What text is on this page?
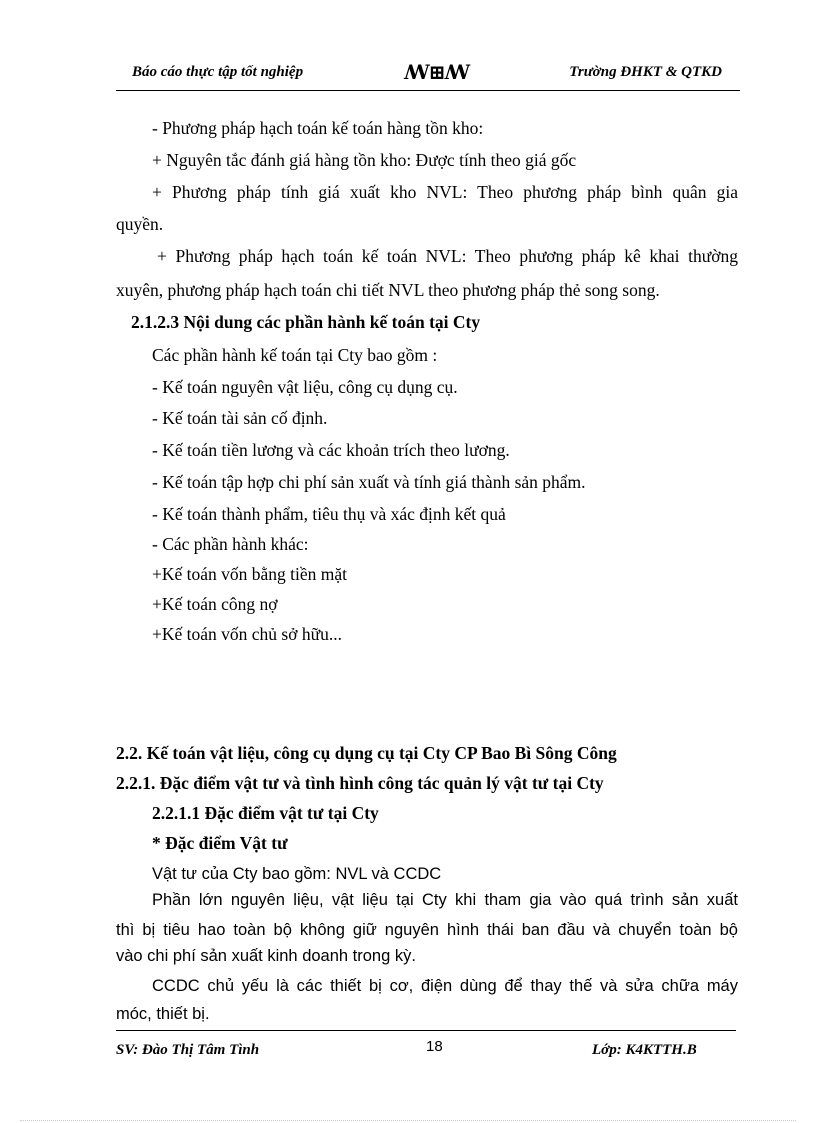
Báo cáo thực tập tốt nghiệp	ꟿ⊞ꟿ	Trường ĐHKT & QTKD
- Phương pháp hạch toán kế toán hàng tồn kho:
+ Nguyên tắc đánh giá hàng tồn kho: Được tính theo giá gốc
+ Phương pháp tính giá xuất kho NVL: Theo phương pháp bình quân gia
quyền.
+ Phương pháp hạch toán kế toán NVL: Theo phương pháp kê khai thường
xuyên, phương pháp hạch toán chi tiết NVL theo phương pháp thẻ song song.
2.1.2.3 Nội dung các phần hành kế toán tại Cty
Các phần hành kế toán tại Cty bao gồm :
- Kế toán nguyên vật liệu, công cụ dụng cụ.
- Kế toán tài sản cố định.
- Kế toán tiền lương và các khoản trích theo lương.
- Kế toán tập hợp chi phí sản xuất và tính giá thành sản phẩm.
- Kế toán thành phẩm, tiêu thụ và xác định kết quả
- Các phần hành khác:
+Kế toán vốn bằng tiền mặt
+Kế toán công nợ
+Kế toán vốn chủ sở hữu...
2.2. Kế toán vật liệu, công cụ dụng cụ tại Cty CP Bao Bì Sông Công
2.2.1. Đặc điểm vật tư và tình hình công tác quản lý vật tư tại Cty
2.2.1.1 Đặc điểm vật tư tại Cty
* Đặc điểm Vật tư
Vật tư của Cty bao gồm: NVL và CCDC
Phần lớn nguyên liệu, vật liệu tại Cty khi tham gia vào quá trình sản xuất
thì bị tiêu hao toàn bộ không giữ nguyên hình thái ban đầu và chuyển toàn bộ
vào chi phí sản xuất kinh doanh trong kỳ.
CCDC chủ yếu là các thiết bị cơ, điện dùng để thay thế và sửa chữa máy
móc, thiết bị.
SV: Đào Thị Tâm Tình	18	Lớp: K4KTTH.B
